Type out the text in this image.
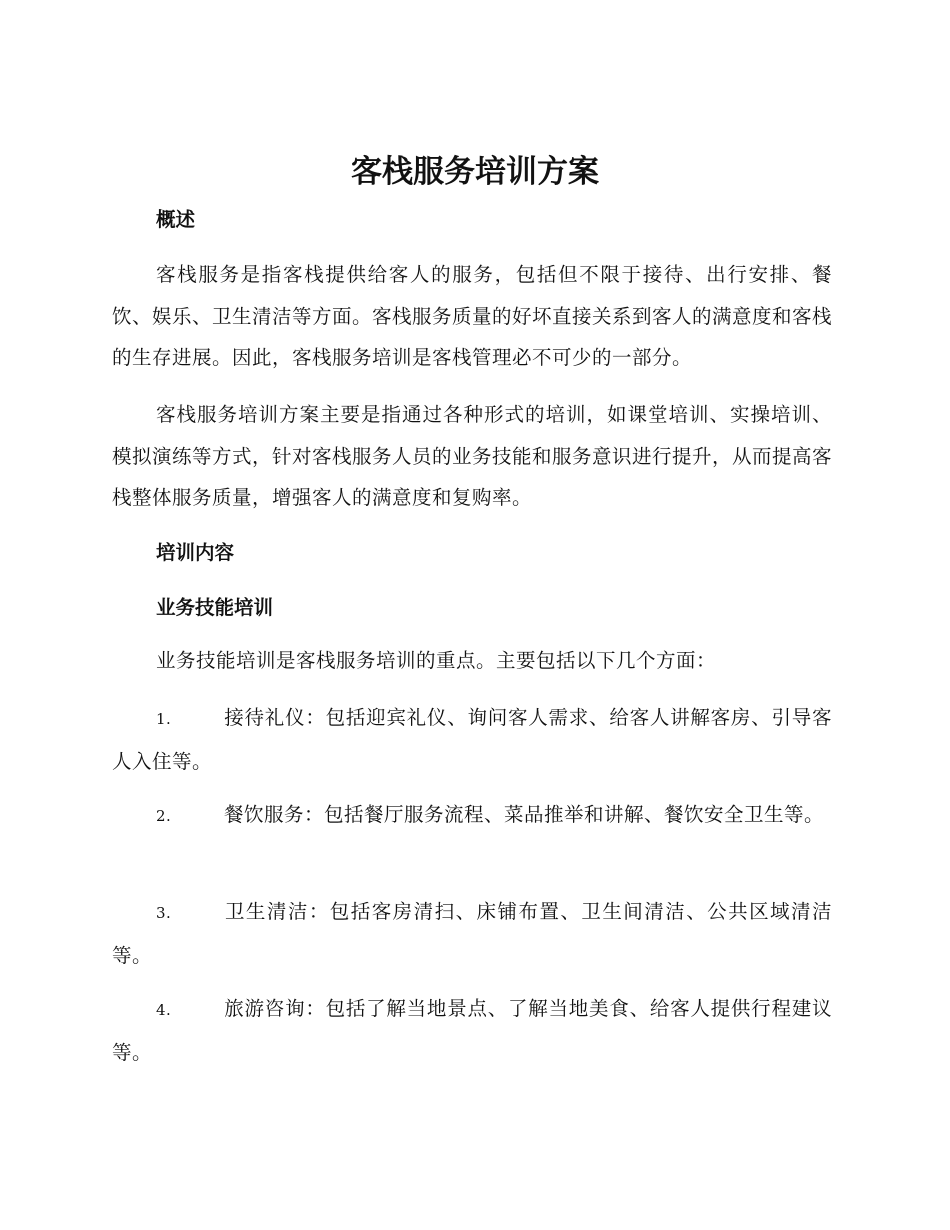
客栈服务培训方案
概述
客栈服务是指客栈提供给客人的服务，包括但不限于接待、出行安排、餐饮、娱乐、卫生清洁等方面。客栈服务质量的好坏直接关系到客人的满意度和客栈的生存进展。因此，客栈服务培训是客栈管理必不可少的一部分。
客栈服务培训方案主要是指通过各种形式的培训，如课堂培训、实操培训、模拟演练等方式，针对客栈服务人员的业务技能和服务意识进行提升，从而提高客栈整体服务质量，增强客人的满意度和复购率。
培训内容
业务技能培训
业务技能培训是客栈服务培训的重点。主要包括以下几个方面：
1.	接待礼仪：包括迎宾礼仪、询问客人需求、给客人讲解客房、引导客人入住等。
2.	餐饮服务：包括餐厅服务流程、菜品推举和讲解、餐饮安全卫生等。
3.	卫生清洁：包括客房清扫、床铺布置、卫生间清洁、公共区域清洁等。
4.	旅游咨询：包括了解当地景点、了解当地美食、给客人提供行程建议等。
